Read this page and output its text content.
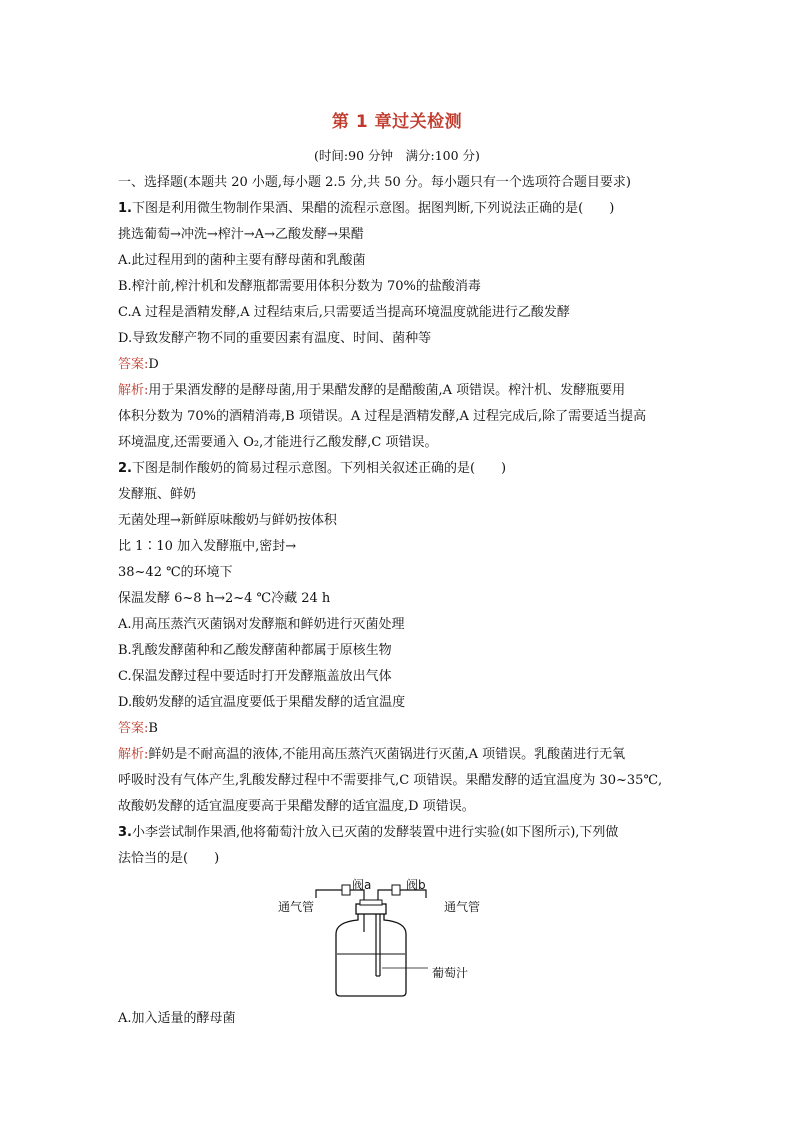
第 1 章过关检测
(时间:90 分钟　满分:100 分)
一、选择题(本题共 20 小题,每小题 2.5 分,共 50 分。每小题只有一个选项符合题目要求)
1.下图是利用微生物制作果酒、果醋的流程示意图。据图判断,下列说法正确的是(　　)
挑选葡萄→冲洗→榨汁→A→乙酸发酵→果醋
A.此过程用到的菌种主要有酵母菌和乳酸菌
B.榨汁前,榨汁机和发酵瓶都需要用体积分数为 70%的盐酸消毒
C.A 过程是酒精发酵,A 过程结束后,只需要适当提高环境温度就能进行乙酸发酵
D.导致发酵产物不同的重要因素有温度、时间、菌种等
答案:D
解析:用于果酒发酵的是酵母菌,用于果醋发酵的是醋酸菌,A 项错误。榨汁机、发酵瓶要用
体积分数为 70%的酒精消毒,B 项错误。A 过程是酒精发酵,A 过程完成后,除了需要适当提高
环境温度,还需要通入 O₂,才能进行乙酸发酵,C 项错误。
2.下图是制作酸奶的简易过程示意图。下列相关叙述正确的是(　　)
发酵瓶、鲜奶
无菌处理→新鲜原味酸奶与鲜奶按体积
比 1∶10 加入发酵瓶中,密封→
38~42 ℃的环境下
保温发酵 6~8 h→2~4 ℃冷藏 24 h
A.用高压蒸汽灭菌锅对发酵瓶和鲜奶进行灭菌处理
B.乳酸发酵菌种和乙酸发酵菌种都属于原核生物
C.保温发酵过程中要适时打开发酵瓶盖放出气体
D.酸奶发酵的适宜温度要低于果醋发酵的适宜温度
答案:B
解析:鲜奶是不耐高温的液体,不能用高压蒸汽灭菌锅进行灭菌,A 项错误。乳酸菌进行无氧
呼吸时没有气体产生,乳酸发酵过程中不需要排气,C 项错误。果醋发酵的适宜温度为 30~35℃,
故酸奶发酵的适宜温度要高于果醋发酵的适宜温度,D 项错误。
3.小李尝试制作果酒,他将葡萄汁放入已灭菌的发酵装置中进行实验(如下图所示),下列做
法恰当的是(　　)
阀a	阀b
通气管	通气管
葡萄汁
A.加入适量的酵母菌
